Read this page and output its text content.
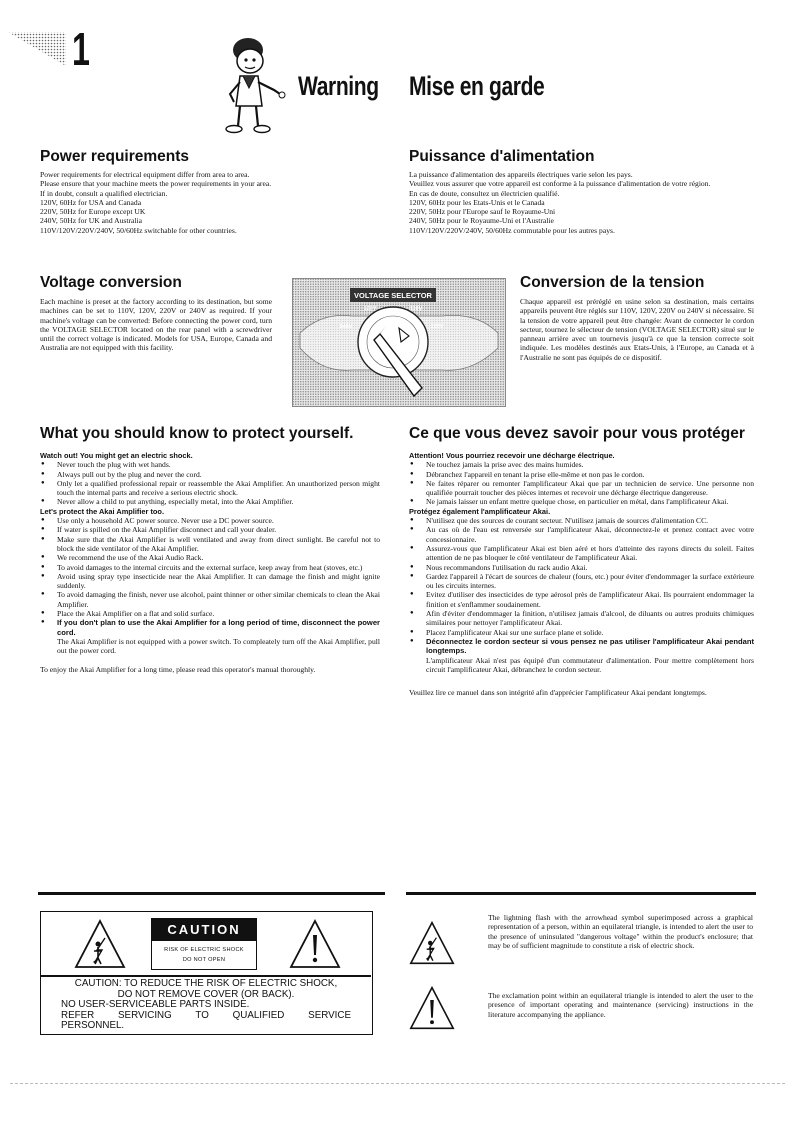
1
Warning Mise en garde
Power requirements
Power requirements for electrical equipment differ from area to area.
Please ensure that your machine meets the power requirements in your area.
If in doubt, consult a qualified electrician.
120V, 60Hz for USA and Canada
220V, 50Hz for Europe except UK
240V, 50Hz for UK and Australia
110V/120V/220V/240V, 50/60Hz switchable for other countries.
Puissance d'alimentation
La puissance d'alimentation des appareils électriques varie selon les pays.
Veuillez vous assurer que votre appareil est conforme à la puissance d'alimentation de votre région.
En cas de doute, consultez un électricien qualifié.
120V, 60Hz pour les Etats-Unis et le Canada
220V, 50Hz pour l'Europe sauf le Royaume-Uni
240V, 50Hz pour le Royaume-Uni et l'Australie
110V/120V/220V/240V, 50/60Hz commutable pour les autres pays.
Voltage conversion
Each machine is preset at the factory according to its destination, but some machines can be set to 110V, 120V, 220V or 240V as required. If your machine's voltage can be converted: Before connecting the power cord, turn the VOLTAGE SELECTOR located on the rear panel with a screwdriver until the correct voltage is indicated. Models for USA, Europe, Canada and Australia are not equipped with this facility.
VOLTAGE SELECTOR
120V	110V
240V	220V
Conversion de la tension
Chaque appareil est préréglé en usine selon sa destination, mais certains appareils peuvent être réglés sur 110V, 120V, 220V ou 240V si nécessaire. Si la tension de votre appareil peut être changée: Avant de connecter le cordon secteur, tournez le sélecteur de tension (VOLTAGE SELECTOR) situé sur le panneau arrière avec un tournevis jusqu'à ce que la tension correcte soit indiquée. Les modèles destinés aux Etats-Unis, à l'Europe, au Canada et à l'Australie ne sont pas équipés de ce dispositif.
What you should know to protect yourself.
Watch out! You might get an electric shock.
● Never touch the plug with wet hands.
● Always pull out by the plug and never the cord.
● Only let a qualified professional repair or reassemble the Akai Amplifier. An unauthorized person might touch the internal parts and receive a serious electric shock.
● Never allow a child to put anything, especially metal, into the Akai Amplifier.
Let's protect the Akai Amplifier too.
● Use only a household AC power source. Never use a DC power source.
● If water is spilled on the Akai Amplifier disconnect and call your dealer.
● Make sure that the Akai Amplifier is well ventilated and away from direct sunlight. Be careful not to block the side ventilator of the Akai Amplifier.
● We recommend the use of the Akai Audio Rack.
● To avoid damages to the internal circuits and the external surface, keep away from heat (stoves, etc.)
● Avoid using spray type insecticide near the Akai Amplifier. It can damage the finish and might ignite suddenly.
● To avoid damaging the finish, never use alcohol, paint thinner or other similar chemicals to clean the Akai Amplifier.
● Place the Akai Amplifier on a flat and solid surface.
● If you don't plan to use the Akai Amplifier for a long period of time, disconnect the power cord.
The Akai Amplifier is not equipped with a power switch. To compleately turn off the Akai Amplifier, pull out the power cord.
To enjoy the Akai Amplifier for a long time, please read this operator's manual thoroughly.
Ce que vous devez savoir pour vous protéger
Attention! Vous pourriez recevoir une décharge électrique.
● Ne touchez jamais la prise avec des mains humides.
● Débranchez l'appareil en tenant la prise elle-même et non pas le cordon.
● Ne faites réparer ou remonter l'amplificateur Akai que par un technicien de service. Une personne non qualifiée pourrait toucher des pièces internes et recevoir une décharge électrique dangereuse.
● Ne jamais laisser un enfant mettre quelque chose, en particulier en métal, dans l'amplificateur Akai.
Protégez également l'amplificateur Akai.
● N'utilisez que des sources de courant secteur. N'utilisez jamais de sources d'alimentation CC.
● Au cas où de l'eau est renversée sur l'amplificateur Akai, déconnectez-le et prenez contact avec votre concessionnaire.
● Assurez-vous que l'amplificateur Akai est bien aéré et hors d'atteinte des rayons directs du soleil. Faites attention de ne pas bloquer le côté ventilateur de l'amplificateur Akai.
● Nous recommandons l'utilisation du rack audio Akai.
● Gardez l'appareil à l'écart de sources de chaleur (fours, etc.) pour éviter d'endommager la surface extérieure ou les circuits internes.
● Evitez d'utiliser des insecticides de type aérosol près de l'amplificateur Akai. Ils pourraient endommager la finition et s'enflammer soudainement.
● Afin d'éviter d'endommager la finition, n'utilisez jamais d'alcool, de diluants ou autres produits chimiques similaires pour nettoyer l'amplificateur Akai.
● Placez l'amplificateur Akai sur une surface plane et solide.
● Déconnectez le cordon secteur si vous pensez ne pas utiliser l'amplificateur Akai pendant longtemps.
L'amplificateur Akai n'est pas équipé d'un commutateur d'alimentation. Pour mettre complètement hors circuit l'amplificateur Akai, débranchez le cordon secteur.
Veuillez lire ce manuel dans son intégrité afin d'apprécier l'amplificateur Akai pendant longtemps.
CAUTION
RISK OF ELECTRIC SHOCK
DO NOT OPEN
CAUTION: TO REDUCE THE RISK OF ELECTRIC SHOCK,
DO NOT REMOVE COVER (OR BACK).
NO USER-SERVICEABLE PARTS INSIDE.
REFER SERVICING TO QUALIFIED SERVICE
PERSONNEL.
The lightning flash with the arrowhead symbol superimposed across a graphical representation of a person, within an equilateral triangle, is intended to alert the user to the presence of uninsulated "dangerous voltage" within the product's enclosure; that may be of sufficient magnitude to constitute a risk of electric shock.
The exclamation point within an equilateral triangle is intended to alert the user to the presence of important operating and maintenance (servicing) instructions in the literature accompanying the appliance.
